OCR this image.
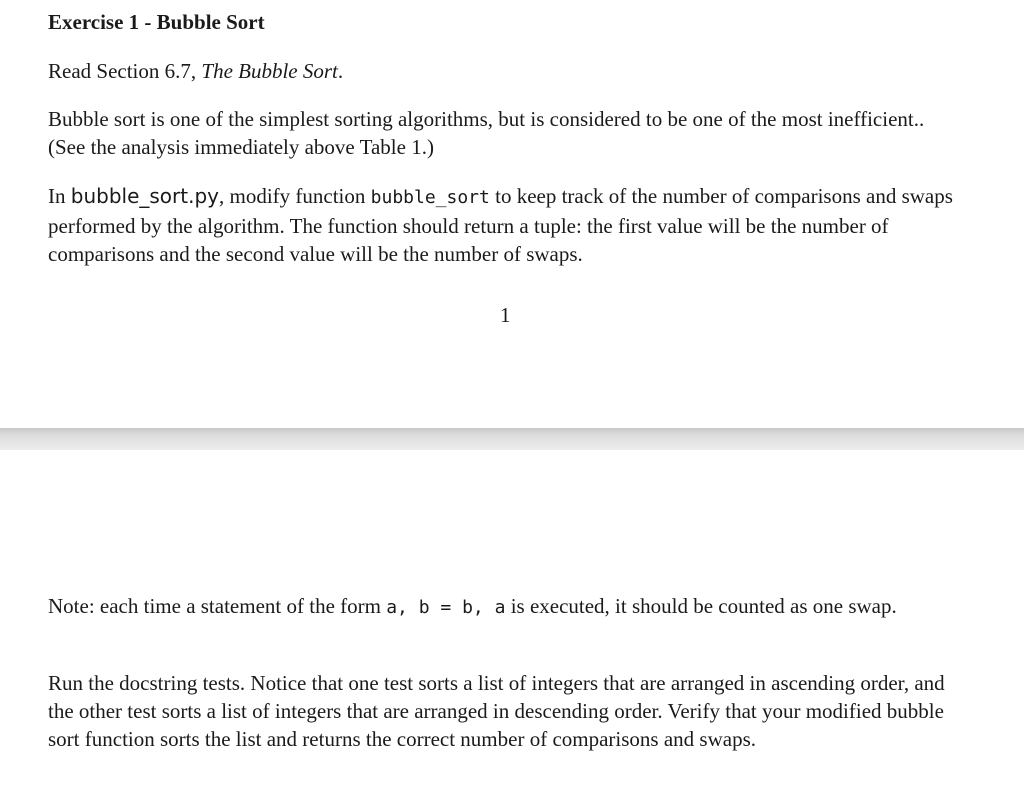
Exercise 1 - Bubble Sort

Read Section 6.7, The Bubble Sort.

Bubble sort is one of the simplest sorting algorithms, but is considered to be one of the most inefficient.. (See the analysis immediately above Table 1.)

In bubble_sort.py, modify function bubble_sort to keep track of the number of comparisons and swaps performed by the algorithm. The function should return a tuple: the first value will be the number of comparisons and the second value will be the number of swaps.

1

Note: each time a statement of the form a, b = b, a is executed, it should be counted as one swap.

Run the docstring tests. Notice that one test sorts a list of integers that are arranged in ascending order, and the other test sorts a list of integers that are arranged in descending order. Verify that your modified bubble sort function sorts the list and returns the correct number of comparisons and swaps.
